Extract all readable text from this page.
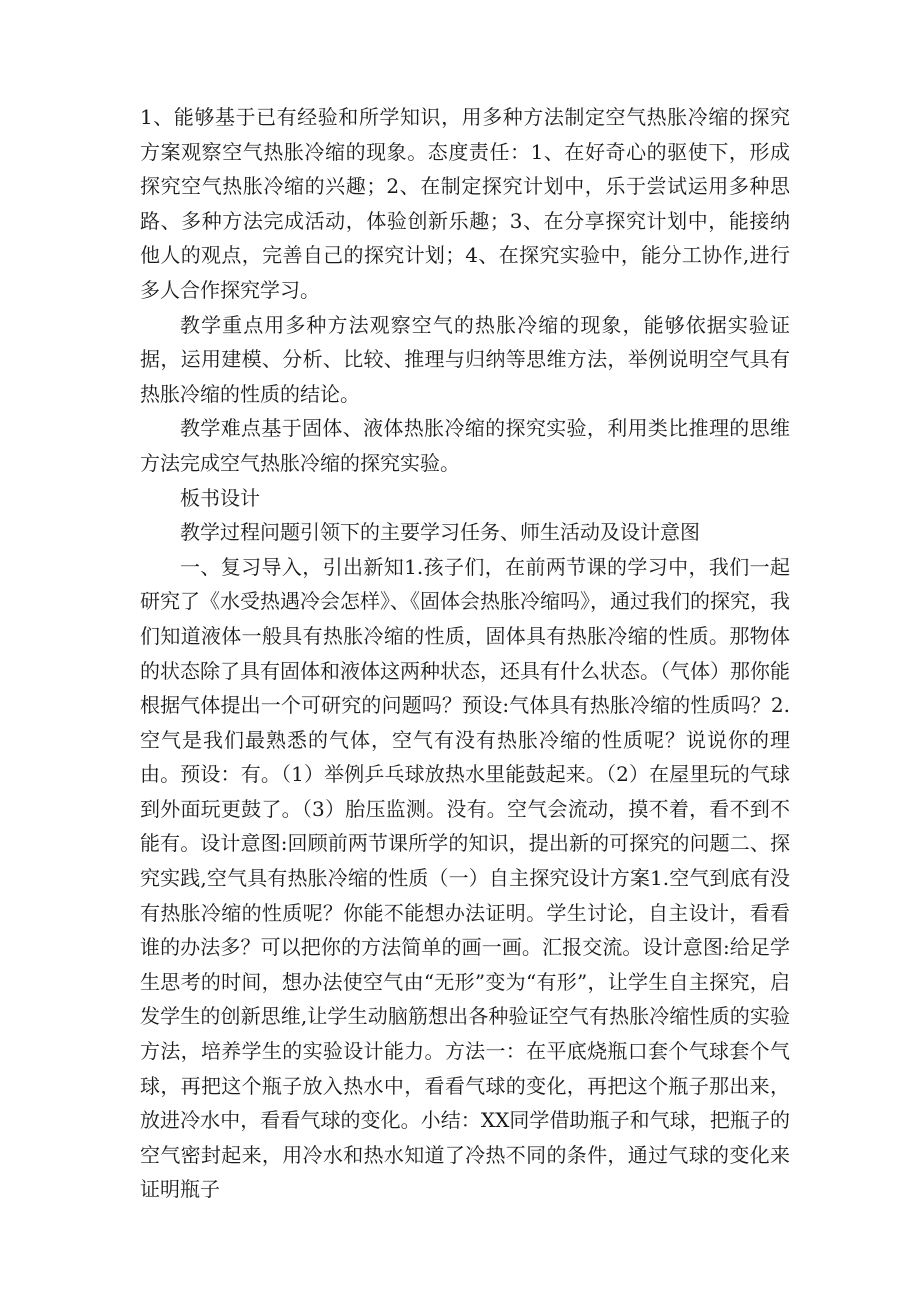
1、能够基于已有经验和所学知识，用多种方法制定空气热胀冷缩的探究方案观察空气热胀冷缩的现象。态度责任：1、在好奇心的驱使下，形成探究空气热胀冷缩的兴趣；2、在制定探究计划中，乐于尝试运用多种思路、多种方法完成活动，体验创新乐趣；3、在分享探究计划中，能接纳他人的观点，完善自己的探究计划；4、在探究实验中，能分工协作,进行多人合作探究学习。

教学重点用多种方法观察空气的热胀冷缩的现象，能够依据实验证据，运用建模、分析、比较、推理与归纳等思维方法，举例说明空气具有热胀冷缩的性质的结论。

教学难点基于固体、液体热胀冷缩的探究实验，利用类比推理的思维方法完成空气热胀冷缩的探究实验。

板书设计

教学过程问题引领下的主要学习任务、师生活动及设计意图

一、复习导入，引出新知1.孩子们，在前两节课的学习中，我们一起研究了《水受热遇冷会怎样》、《固体会热胀冷缩吗》，通过我们的探究，我们知道液体一般具有热胀冷缩的性质，固体具有热胀冷缩的性质。那物体的状态除了具有固体和液体这两种状态，还具有什么状态。（气体）那你能根据气体提出一个可研究的问题吗？预设:气体具有热胀冷缩的性质吗？2.空气是我们最熟悉的气体，空气有没有热胀冷缩的性质呢？说说你的理由。预设：有。（1）举例乒乓球放热水里能鼓起来。（2）在屋里玩的气球到外面玩更鼓了。（3）胎压监测。没有。空气会流动，摸不着，看不到不能有。设计意图:回顾前两节课所学的知识，提出新的可探究的问题二、探究实践,空气具有热胀冷缩的性质（一）自主探究设计方案1.空气到底有没有热胀冷缩的性质呢？你能不能想办法证明。学生讨论，自主设计，看看谁的办法多？可以把你的方法简单的画一画。汇报交流。设计意图:给足学生思考的时间，想办法使空气由“无形”变为“有形”，让学生自主探究，启发学生的创新思维,让学生动脑筋想出各种验证空气有热胀冷缩性质的实验方法，培养学生的实验设计能力。方法一：在平底烧瓶口套个气球套个气球，再把这个瓶子放入热水中，看看气球的变化，再把这个瓶子那出来，放进冷水中，看看气球的变化。小结：XX同学借助瓶子和气球，把瓶子的空气密封起来，用冷水和热水知道了冷热不同的条件，通过气球的变化来证明瓶子
